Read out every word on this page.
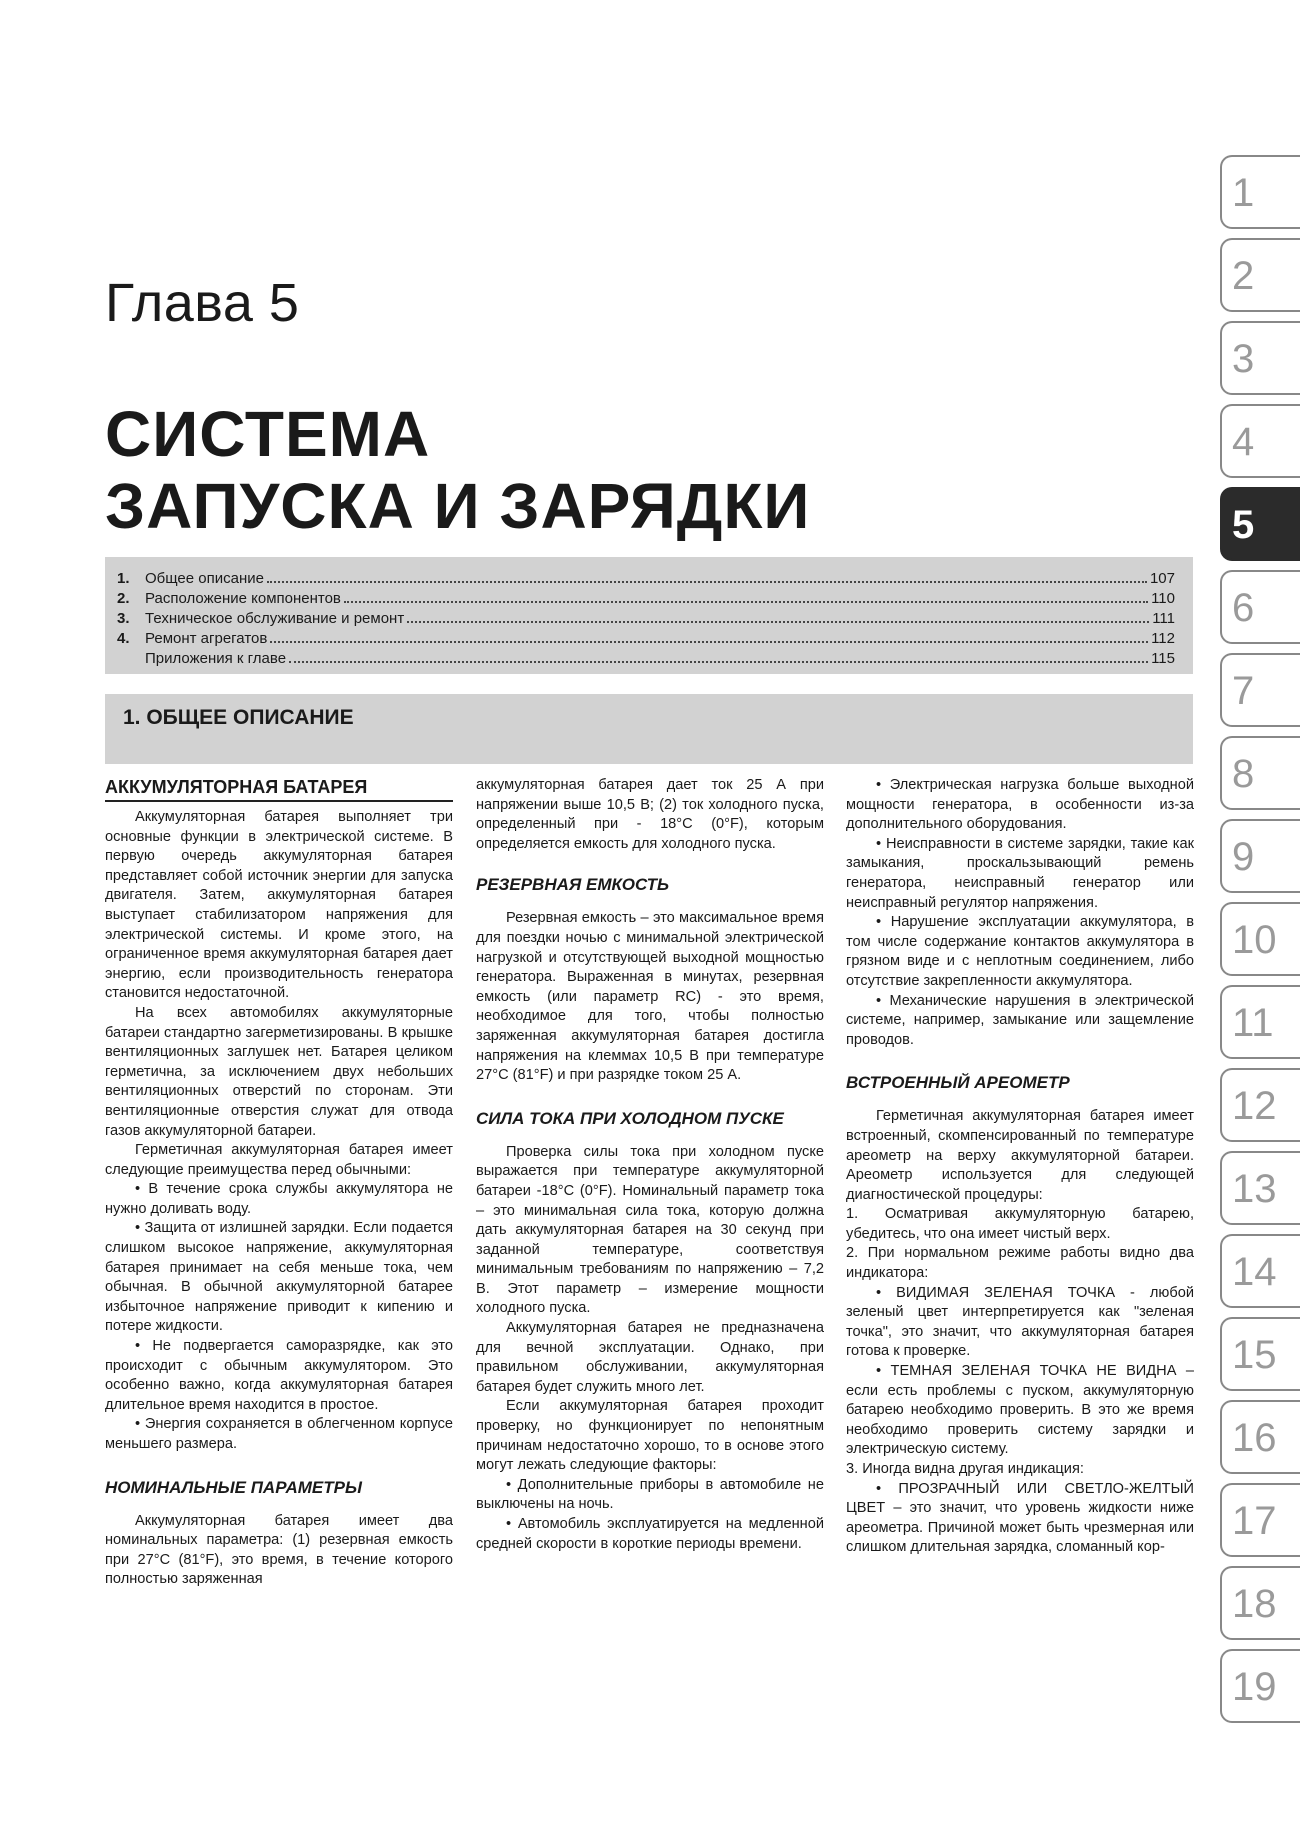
Глава 5
СИСТЕМА
ЗАПУСКА И ЗАРЯДКИ
1.	Общее описание	107
2.	Расположение компонентов	110
3.	Техническое обслуживание и ремонт	111
4.	Ремонт агрегатов	112
Приложения к главе	115
1. ОБЩЕЕ ОПИСАНИЕ
АККУМУЛЯТОРНАЯ БАТАРЕЯ

Аккумуляторная батарея выполняет три основные функции в электрической системе. В первую очередь аккумуляторная батарея представляет собой источник энергии для запуска двигателя. Затем, аккумуляторная батарея выступает стабилизатором напряжения для электрической системы. И кроме этого, на ограниченное время аккумуляторная батарея дает энергию, если производительность генератора становится недостаточной.

На всех автомобилях аккумуляторные батареи стандартно загерметизированы. В крышке вентиляционных заглушек нет. Батарея целиком герметична, за исключением двух небольших вентиляционных отверстий по сторонам. Эти вентиляционные отверстия служат для отвода газов аккумуляторной батареи.

Герметичная аккумуляторная батарея имеет следующие преимущества перед обычными:

• В течение срока службы аккумулятора не нужно доливать воду.

• Защита от излишней зарядки. Если подается слишком высокое напряжение, аккумуляторная батарея принимает на себя меньше тока, чем обычная. В обычной аккумуляторной батарее избыточное напряжение приводит к кипению и потере жидкости.

• Не подвергается саморазрядке, как это происходит с обычным аккумулятором. Это особенно важно, когда аккумуляторная батарея длительное время находится в простое.

• Энергия сохраняется в облегченном корпусе меньшего размера.

НОМИНАЛЬНЫЕ ПАРАМЕТРЫ

Аккумуляторная батарея имеет два номинальных параметра: (1) резервная емкость при 27°С (81°F), это время, в течение которого полностью заряженная

аккумуляторная батарея дает ток 25 А при напряжении выше 10,5 В; (2) ток холодного пуска, определенный при - 18°С (0°F), которым определяется емкость для холодного пуска.

РЕЗЕРВНАЯ ЕМКОСТЬ

Резервная емкость – это максимальное время для поездки ночью с минимальной электрической нагрузкой и отсутствующей выходной мощностью генератора. Выраженная в минутах, резервная емкость (или параметр RC) - это время, необходимое для того, чтобы полностью заряженная аккумуляторная батарея достигла напряжения на клеммах 10,5 В при температуре 27°С (81°F) и при разрядке током 25 А.

СИЛА ТОКА ПРИ ХОЛОДНОМ ПУСКЕ

Проверка силы тока при холодном пуске выражается при температуре аккумуляторной батареи -18°С (0°F). Номинальный параметр тока – это минимальная сила тока, которую должна дать аккумуляторная батарея на 30 секунд при заданной температуре, соответствуя минимальным требованиям по напряжению – 7,2 В. Этот параметр – измерение мощности холодного пуска.

Аккумуляторная батарея не предназначена для вечной эксплуатации. Однако, при правильном обслуживании, аккумуляторная батарея будет служить много лет.

Если аккумуляторная батарея проходит проверку, но функционирует по непонятным причинам недостаточно хорошо, то в основе этого могут лежать следующие факторы:

• Дополнительные приборы в автомобиле не выключены на ночь.

• Автомобиль эксплуатируется на медленной средней скорости в короткие периоды времени.

• Электрическая нагрузка больше выходной мощности генератора, в особенности из-за дополнительного оборудования.

• Неисправности в системе зарядки, такие как замыкания, проскальзывающий ремень генератора, неисправный генератор или неисправный регулятор напряжения.

• Нарушение эксплуатации аккумулятора, в том числе содержание контактов аккумулятора в грязном виде и с неплотным соединением, либо отсутствие закрепленности аккумулятора.

• Механические нарушения в электрической системе, например, замыкание или защемление проводов.

ВСТРОЕННЫЙ АРЕОМЕТР

Герметичная аккумуляторная батарея имеет встроенный, скомпенсированный по температуре ареометр на верху аккумуляторной батареи. Ареометр используется для следующей диагностической процедуры:

1. Осматривая аккумуляторную батарею, убедитесь, что она имеет чистый верх.

2. При нормальном режиме работы видно два индикатора:

• ВИДИМАЯ ЗЕЛЕНАЯ ТОЧКА - любой зеленый цвет интерпретируется как "зеленая точка", это значит, что аккумуляторная батарея готова к проверке.

• ТЕМНАЯ ЗЕЛЕНАЯ ТОЧКА НЕ ВИДНА – если есть проблемы с пуском, аккумуляторную батарею необходимо проверить. В это же время необходимо проверить систему зарядки и электрическую систему.

3. Иногда видна другая индикация:

• ПРОЗРАЧНЫЙ ИЛИ СВЕТЛО-ЖЕЛТЫЙ ЦВЕТ – это значит, что уровень жидкости ниже ареометра. Причиной может быть чрезмерная или слишком длительная зарядка, сломанный кор-

1
2
3
4
5
6
7
8
9
10
11
12
13
14
15
16
17
18
19
